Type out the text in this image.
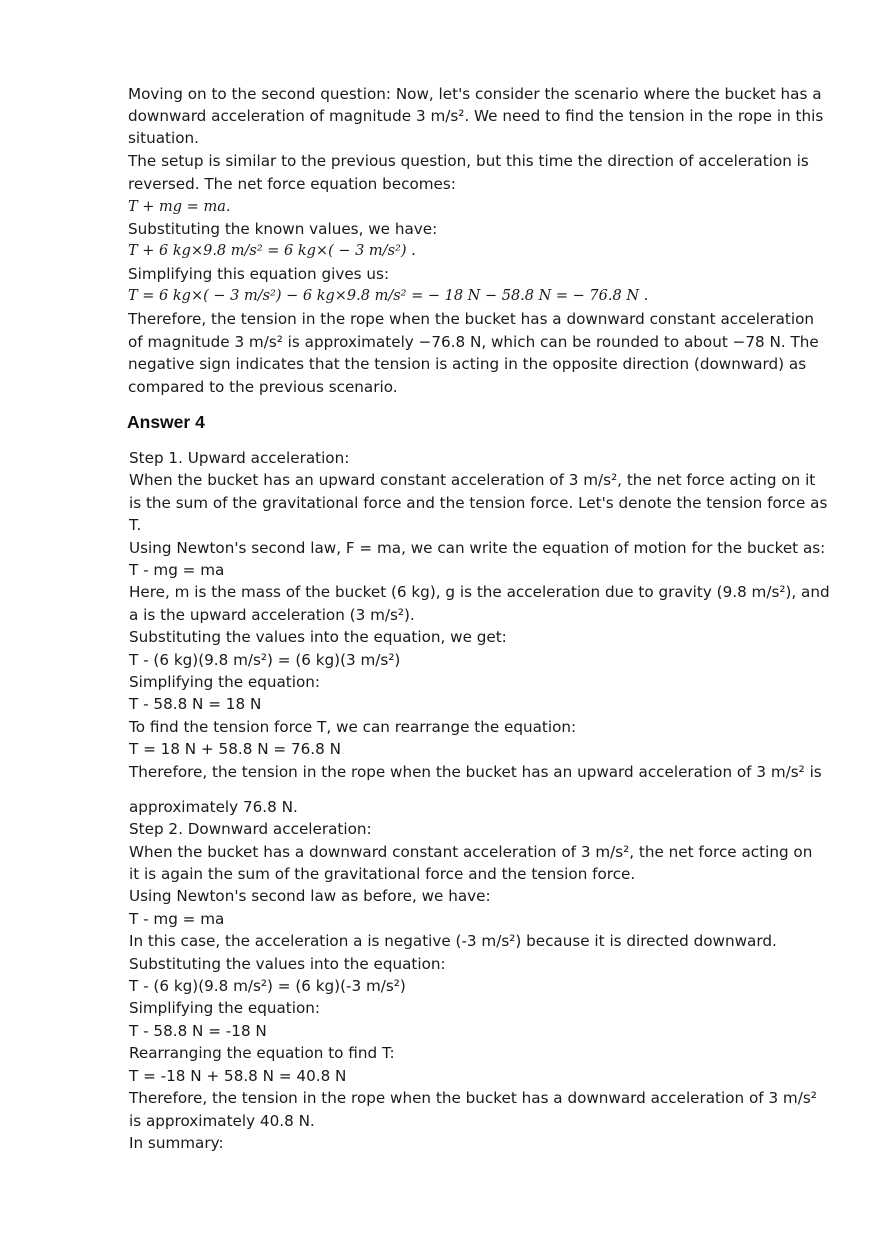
Moving on to the second question: Now, let's consider the scenario where the bucket has a
downward acceleration of magnitude 3 m/s². We need to find the tension in the rope in this
situation.
The setup is similar to the previous question, but this time the direction of acceleration is
reversed. The net force equation becomes:
T + mg = ma.
Substituting the known values, we have:
T + 6 kg×9.8 m/s² = 6 kg×( − 3 m/s²) .
Simplifying this equation gives us:
T = 6 kg×( − 3 m/s²) − 6 kg×9.8 m/s² = − 18 N − 58.8 N = − 76.8 N .
Therefore, the tension in the rope when the bucket has a downward constant acceleration
of magnitude 3 m/s² is approximately −76.8 N, which can be rounded to about −78 N. The
negative sign indicates that the tension is acting in the opposite direction (downward) as
compared to the previous scenario.
Answer 4
Step 1. Upward acceleration:
When the bucket has an upward constant acceleration of 3 m/s², the net force acting on it
is the sum of the gravitational force and the tension force. Let's denote the tension force as
T.
Using Newton's second law, F = ma, we can write the equation of motion for the bucket as:
T - mg = ma
Here, m is the mass of the bucket (6 kg), g is the acceleration due to gravity (9.8 m/s²), and
a is the upward acceleration (3 m/s²).
Substituting the values into the equation, we get:
T - (6 kg)(9.8 m/s²) = (6 kg)(3 m/s²)
Simplifying the equation:
T - 58.8 N = 18 N
To find the tension force T, we can rearrange the equation:
T = 18 N + 58.8 N = 76.8 N
Therefore, the tension in the rope when the bucket has an upward acceleration of 3 m/s² is
approximately 76.8 N.
Step 2. Downward acceleration:
When the bucket has a downward constant acceleration of 3 m/s², the net force acting on
it is again the sum of the gravitational force and the tension force.
Using Newton's second law as before, we have:
T - mg = ma
In this case, the acceleration a is negative (-3 m/s²) because it is directed downward.
Substituting the values into the equation:
T - (6 kg)(9.8 m/s²) = (6 kg)(-3 m/s²)
Simplifying the equation:
T - 58.8 N = -18 N
Rearranging the equation to find T:
T = -18 N + 58.8 N = 40.8 N
Therefore, the tension in the rope when the bucket has a downward acceleration of 3 m/s²
is approximately 40.8 N.
In summary:
